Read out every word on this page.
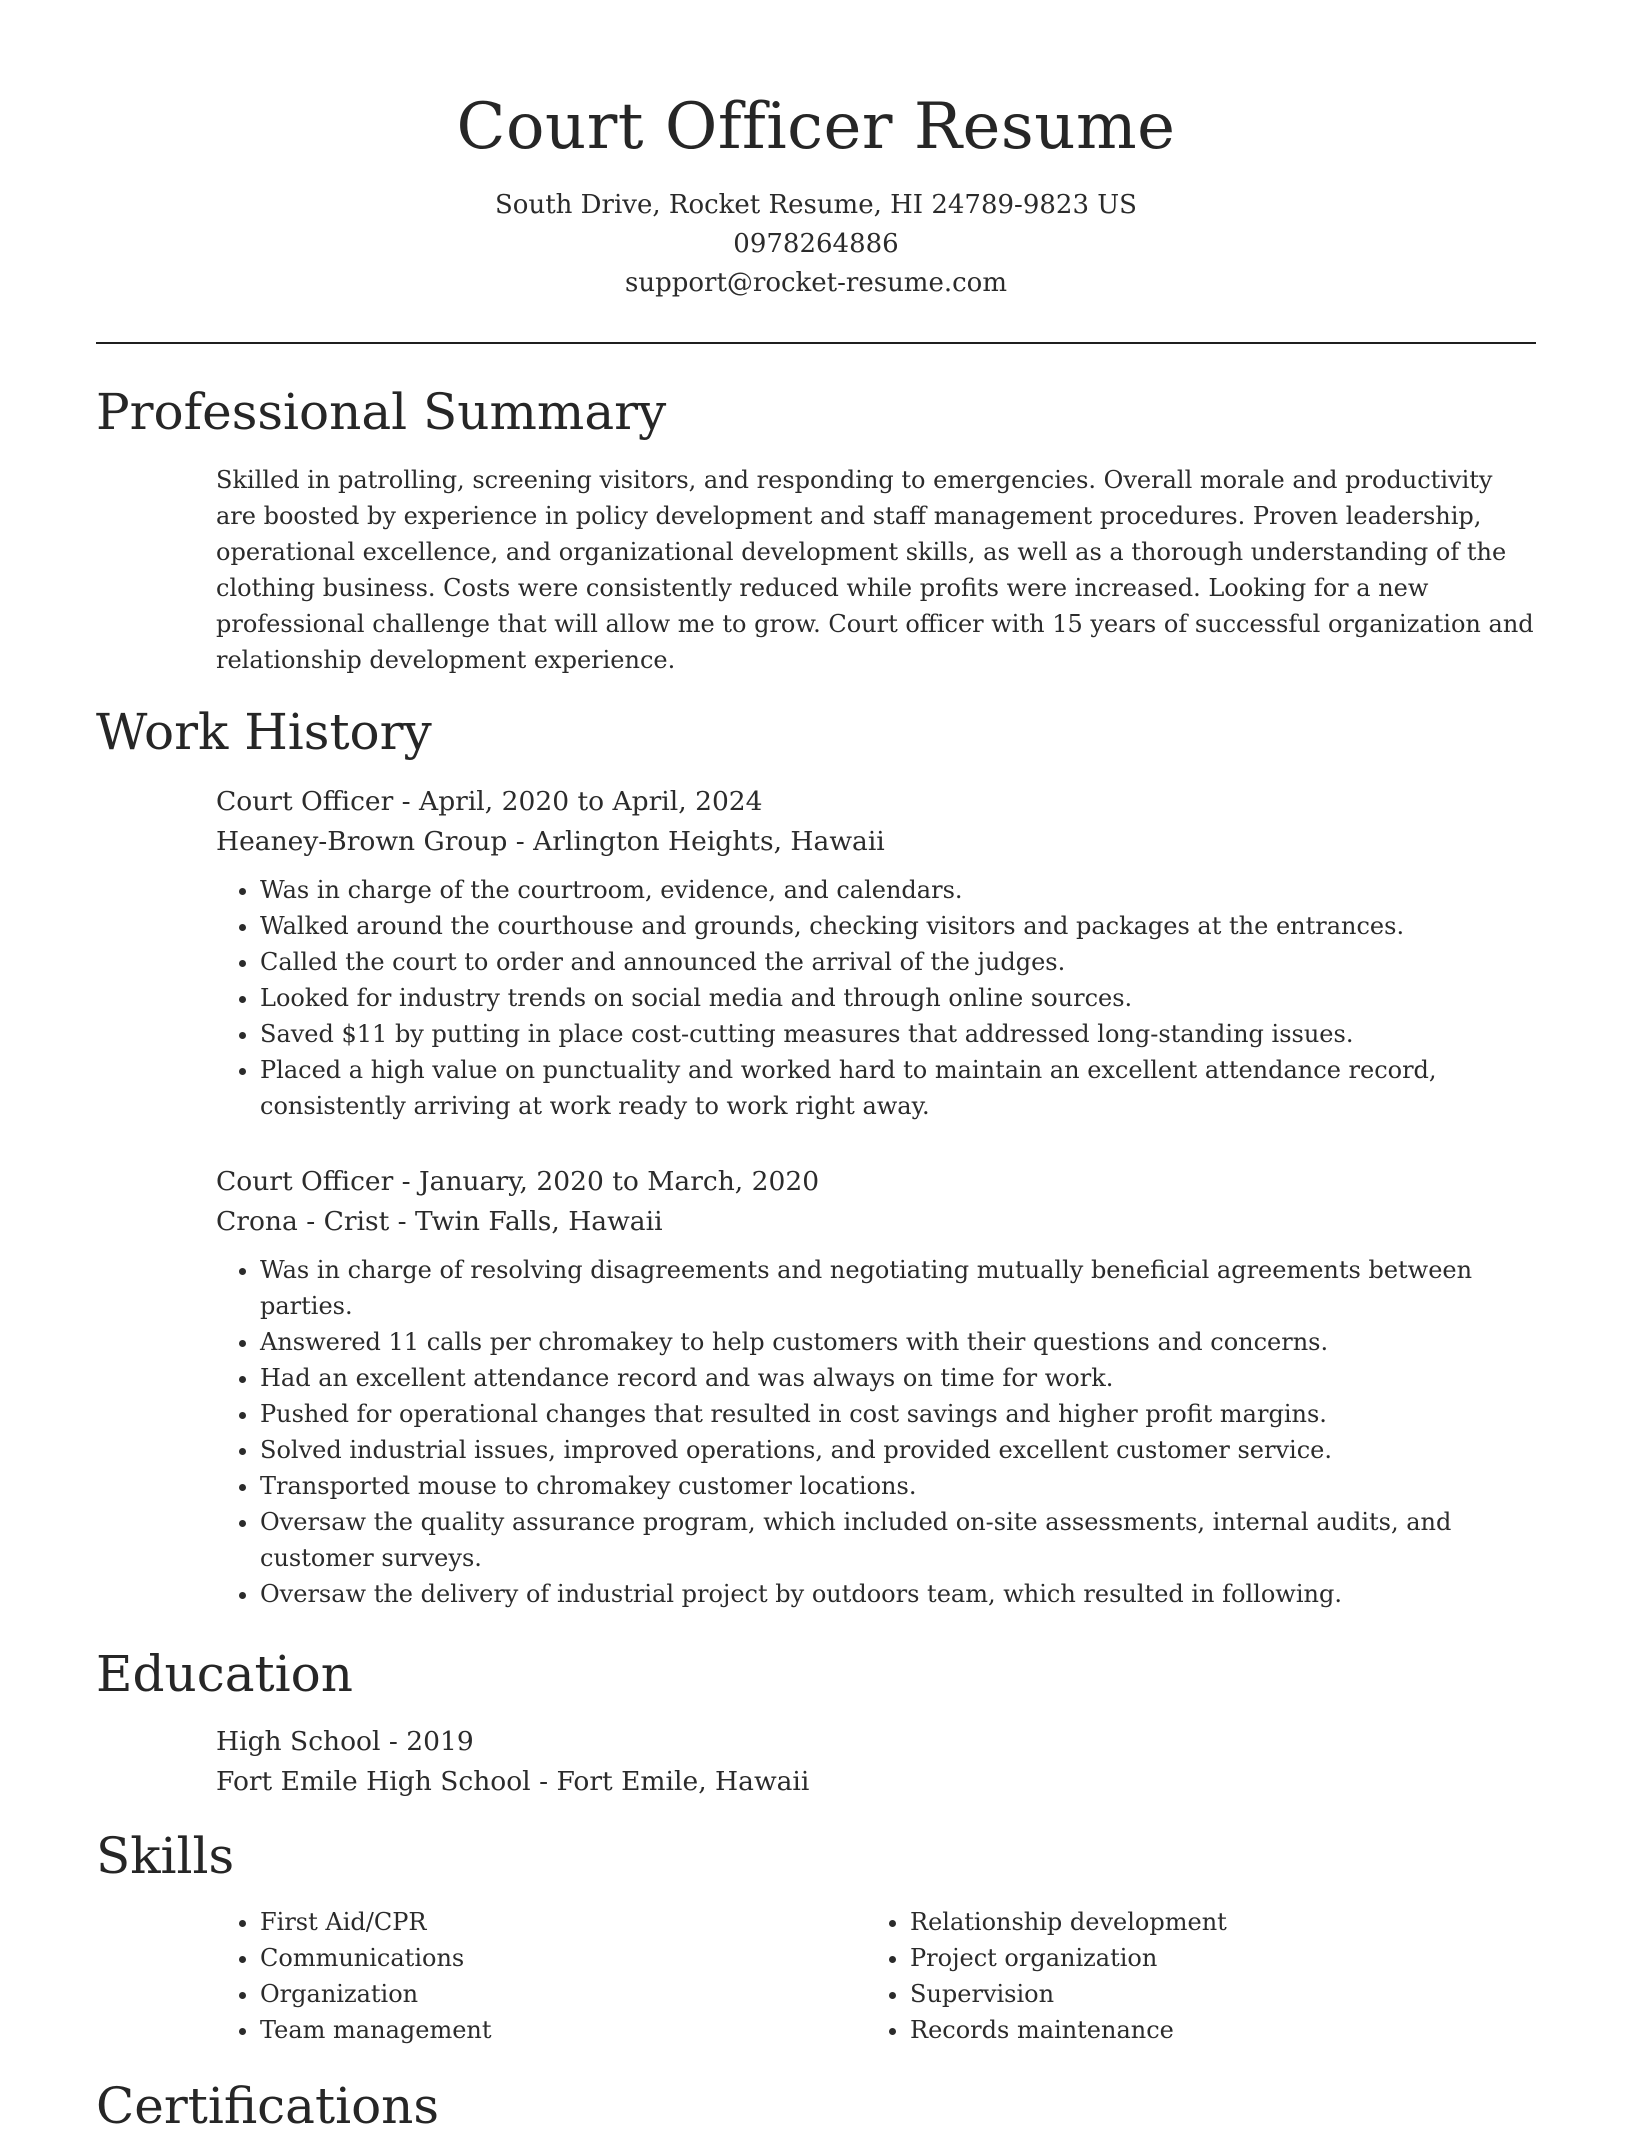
Court Officer Resume
South Drive, Rocket Resume, HI 24789-9823 US
0978264886
support@rocket-resume.com
Professional Summary

Skilled in patrolling, screening visitors, and responding to emergencies. Overall morale and productivity are boosted by experience in policy development and staff management procedures. Proven leadership, operational excellence, and organizational development skills, as well as a thorough understanding of the clothing business. Costs were consistently reduced while profits were increased. Looking for a new professional challenge that will allow me to grow. Court officer with 15 years of successful organization and relationship development experience.

Work History

Court Officer - April, 2020 to April, 2024

Heaney-Brown Group - Arlington Heights, Hawaii

• Was in charge of the courtroom, evidence, and calendars.
• Walked around the courthouse and grounds, checking visitors and packages at the entrances.
• Called the court to order and announced the arrival of the judges.
• Looked for industry trends on social media and through online sources.
• Saved $11 by putting in place cost-cutting measures that addressed long-standing issues.
• Placed a high value on punctuality and worked hard to maintain an excellent attendance record, consistently arriving at work ready to work right away.

Court Officer - January, 2020 to March, 2020

Crona - Crist - Twin Falls, Hawaii

• Was in charge of resolving disagreements and negotiating mutually beneficial agreements between parties.
• Answered 11 calls per chromakey to help customers with their questions and concerns.
• Had an excellent attendance record and was always on time for work.
• Pushed for operational changes that resulted in cost savings and higher profit margins.
• Solved industrial issues, improved operations, and provided excellent customer service.
• Transported mouse to chromakey customer locations.
• Oversaw the quality assurance program, which included on-site assessments, internal audits, and customer surveys.
• Oversaw the delivery of industrial project by outdoors team, which resulted in following.
Education

High School - 2019

Fort Emile High School - Fort Emile, Hawaii

Skills
• First Aid/CPR
• Communications
• Organization
• Team management
• Relationship development
• Project organization
• Supervision
• Records maintenance
Certifications
